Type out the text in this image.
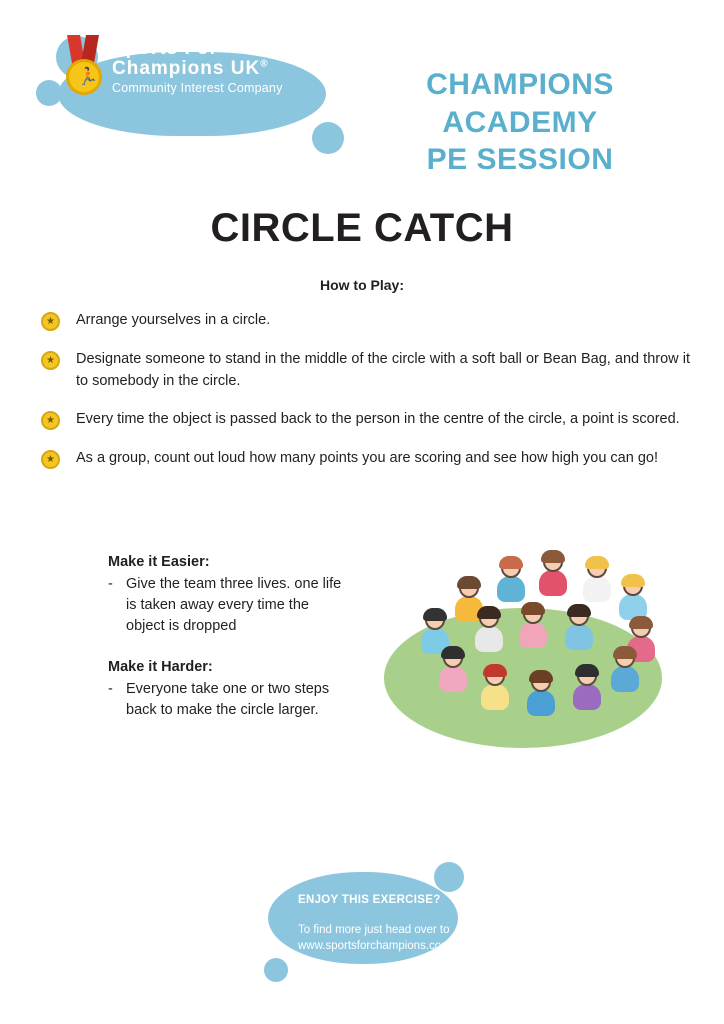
🏃
Sports For
Champions UK®
Community Interest Company	CHAMPIONS ACADEMY
PE SESSION
CIRCLE CATCH
How to Play:
★	Arrange yourselves in a circle.
★	Designate someone to stand in the middle of the circle with a soft ball or Bean Bag, and throw it to somebody in the circle.
★	Every time the object is passed back to the person in the centre of the circle, a point is scored.
★	As a group, count out loud how many points you are scoring and see how high you can go!
Make it Easier:
- Give the team three lives. one life is taken away every time the object is dropped
Make it Harder:
- Everyone take one or two steps back to make the circle larger.
ENJOY THIS EXERCISE?
To find more just head over to
www.sportsforchampions.com
